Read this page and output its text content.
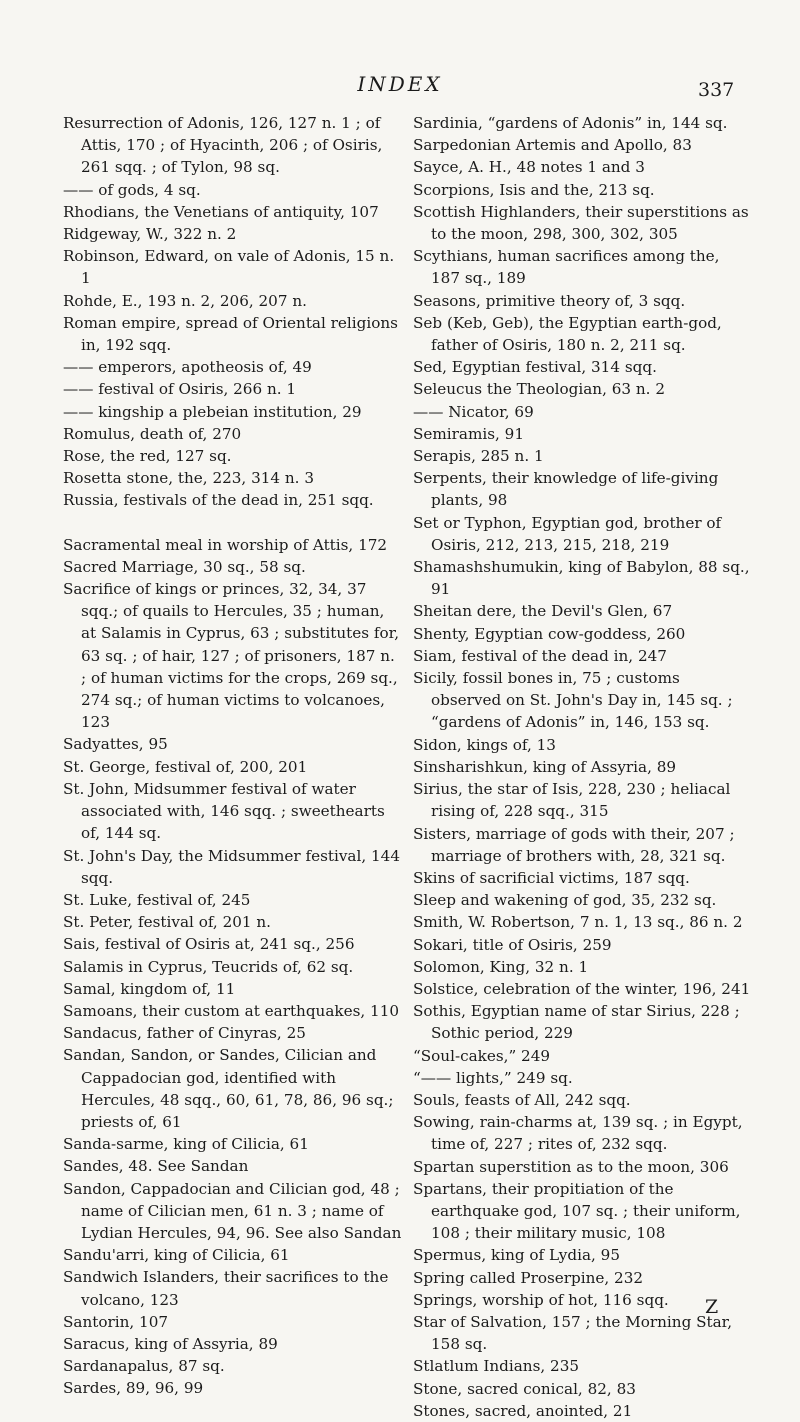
INDEX	337

Resurrection of Adonis, 126, 127 n. 1 ; of Attis, 170 ; of Hyacinth, 206 ; of Osiris, 261 sqq. ; of Tylon, 98 sq.

—— of gods, 4 sq.

Rhodians, the Venetians of antiquity, 107

Ridgeway, W., 322 n. 2

Robinson, Edward, on vale of Adonis, 15 n. 1

Rohde, E., 193 n. 2, 206, 207 n.

Roman empire, spread of Oriental religions in, 192 sqq.

—— emperors, apotheosis of, 49

—— festival of Osiris, 266 n. 1

—— kingship a plebeian institution, 29

Romulus, death of, 270

Rose, the red, 127 sq.

Rosetta stone, the, 223, 314 n. 3

Russia, festivals of the dead in, 251 sqq.

Sacramental meal in worship of Attis, 172

Sacred Marriage, 30 sq., 58 sq.

Sacrifice of kings or princes, 32, 34, 37 sqq.; of quails to Hercules, 35 ; human, at Salamis in Cyprus, 63 ; substitutes for, 63 sq. ; of hair, 127 ; of prisoners, 187 n. ; of human victims for the crops, 269 sq., 274 sq.; of human victims to volcanoes, 123

Sadyattes, 95

St. George, festival of, 200, 201

St. John, Midsummer festival of water associated with, 146 sqq. ; sweethearts of, 144 sq.

St. John's Day, the Midsummer festival, 144 sqq.

St. Luke, festival of, 245

St. Peter, festival of, 201 n.

Sais, festival of Osiris at, 241 sq., 256

Salamis in Cyprus, Teucrids of, 62 sq.

Samal, kingdom of, 11

Samoans, their custom at earthquakes, 110

Sandacus, father of Cinyras, 25

Sandan, Sandon, or Sandes, Cilician and Cappadocian god, identified with Hercules, 48 sqq., 60, 61, 78, 86, 96 sq.; priests of, 61

Sanda-sarme, king of Cilicia, 61

Sandes, 48. See Sandan

Sandon, Cappadocian and Cilician god, 48 ; name of Cilician men, 61 n. 3 ; name of Lydian Hercules, 94, 96. See also Sandan

Sandu'arri, king of Cilicia, 61

Sandwich Islanders, their sacrifices to the volcano, 123

Santorin, 107

Saracus, king of Assyria, 89

Sardanapalus, 87 sq.

Sardes, 89, 96, 99

Sardinia, “gardens of Adonis” in, 144 sq.

Sarpedonian Artemis and Apollo, 83

Sayce, A. H., 48 notes 1 and 3

Scorpions, Isis and the, 213 sq.

Scottish Highlanders, their superstitions as to the moon, 298, 300, 302, 305

Scythians, human sacrifices among the, 187 sq., 189

Seasons, primitive theory of, 3 sqq.

Seb (Keb, Geb), the Egyptian earth-god, father of Osiris, 180 n. 2, 211 sq.

Sed, Egyptian festival, 314 sqq.

Seleucus the Theologian, 63 n. 2

—— Nicator, 69

Semiramis, 91

Serapis, 285 n. 1

Serpents, their knowledge of life-giving plants, 98

Set or Typhon, Egyptian god, brother of Osiris, 212, 213, 215, 218, 219

Shamashshumukin, king of Babylon, 88 sq., 91

Sheitan dere, the Devil's Glen, 67

Shenty, Egyptian cow-goddess, 260

Siam, festival of the dead in, 247

Sicily, fossil bones in, 75 ; customs observed on St. John's Day in, 145 sq. ; “gardens of Adonis” in, 146, 153 sq.

Sidon, kings of, 13

Sinsharishkun, king of Assyria, 89

Sirius, the star of Isis, 228, 230 ; heliacal rising of, 228 sqq., 315

Sisters, marriage of gods with their, 207 ; marriage of brothers with, 28, 321 sq.

Skins of sacrificial victims, 187 sqq.

Sleep and wakening of god, 35, 232 sq.

Smith, W. Robertson, 7 n. 1, 13 sq., 86 n. 2

Sokari, title of Osiris, 259

Solomon, King, 32 n. 1

Solstice, celebration of the winter, 196, 241

Sothis, Egyptian name of star Sirius, 228 ; Sothic period, 229

“Soul-cakes,” 249

“—— lights,” 249 sq.

Souls, feasts of All, 242 sqq.

Sowing, rain-charms at, 139 sq. ; in Egypt, time of, 227 ; rites of, 232 sqq.

Spartan superstition as to the moon, 306

Spartans, their propitiation of the earthquake god, 107 sq. ; their uniform, 108 ; their military music, 108

Spermus, king of Lydia, 95

Spring called Proserpine, 232

Springs, worship of hot, 116 sqq.

Star of Salvation, 157 ; the Morning Star, 158 sq.

Stlatlum Indians, 235

Stone, sacred conical, 82, 83

Stones, sacred, anointed, 21

Z
